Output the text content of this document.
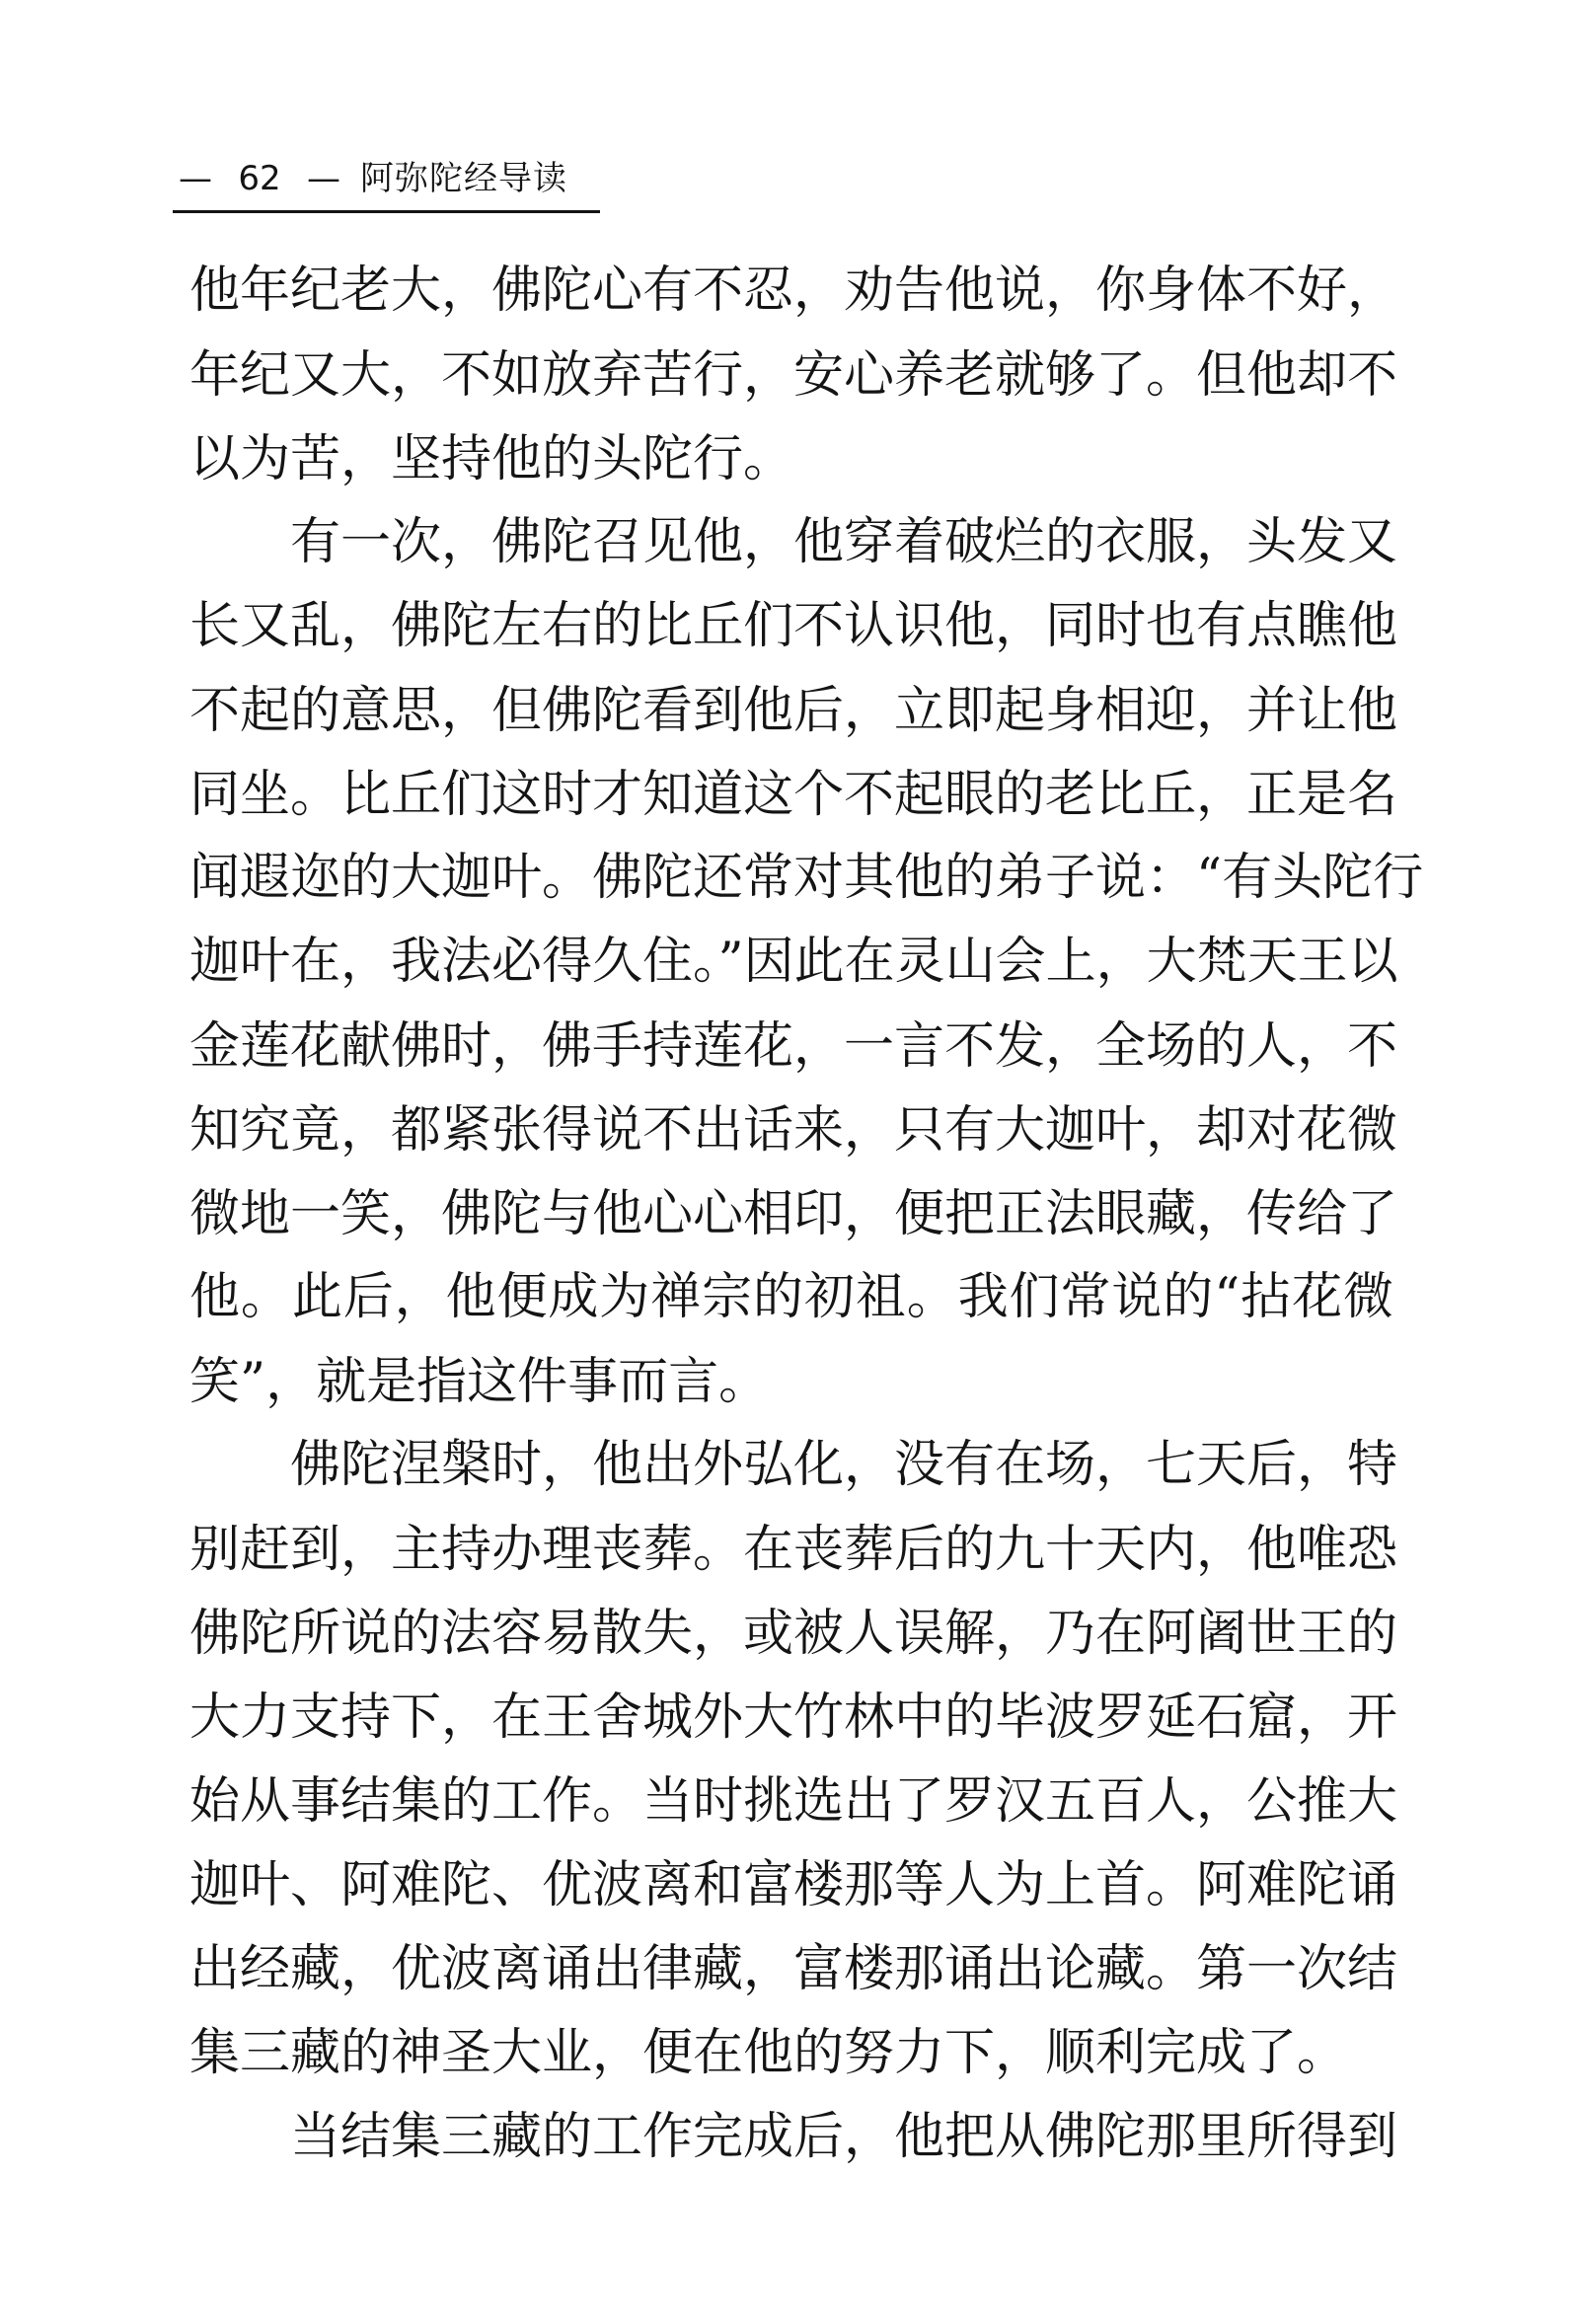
— 62 — 阿弥陀经导读
他年纪老大，佛陀心有不忍，劝告他说，你身体不好，
年纪又大，不如放弃苦行，安心养老就够了。但他却不
以为苦，坚持他的头陀行。
有一次，佛陀召见他，他穿着破烂的衣服，头发又
长又乱，佛陀左右的比丘们不认识他，同时也有点瞧他
不起的意思，但佛陀看到他后，立即起身相迎，并让他
同坐。比丘们这时才知道这个不起眼的老比丘，正是名
闻遐迩的大迦叶。佛陀还常对其他的弟子说：“有头陀行
迦叶在，我法必得久住。”因此在灵山会上，大梵天王以
金莲花献佛时，佛手持莲花，一言不发，全场的人，不
知究竟，都紧张得说不出话来，只有大迦叶，却对花微
微地一笑，佛陀与他心心相印，便把正法眼藏，传给了
他。此后，他便成为禅宗的初祖。我们常说的“拈花微
笑”，就是指这件事而言。
佛陀涅槃时，他出外弘化，没有在场，七天后，特
别赶到，主持办理丧葬。在丧葬后的九十天内，他唯恐
佛陀所说的法容易散失，或被人误解，乃在阿阇世王的
大力支持下，在王舍城外大竹林中的毕波罗延石窟，开
始从事结集的工作。当时挑选出了罗汉五百人，公推大
迦叶、阿难陀、优波离和富楼那等人为上首。阿难陀诵
出经藏，优波离诵出律藏，富楼那诵出论藏。第一次结
集三藏的神圣大业，便在他的努力下，顺利完成了。
当结集三藏的工作完成后，他把从佛陀那里所得到
